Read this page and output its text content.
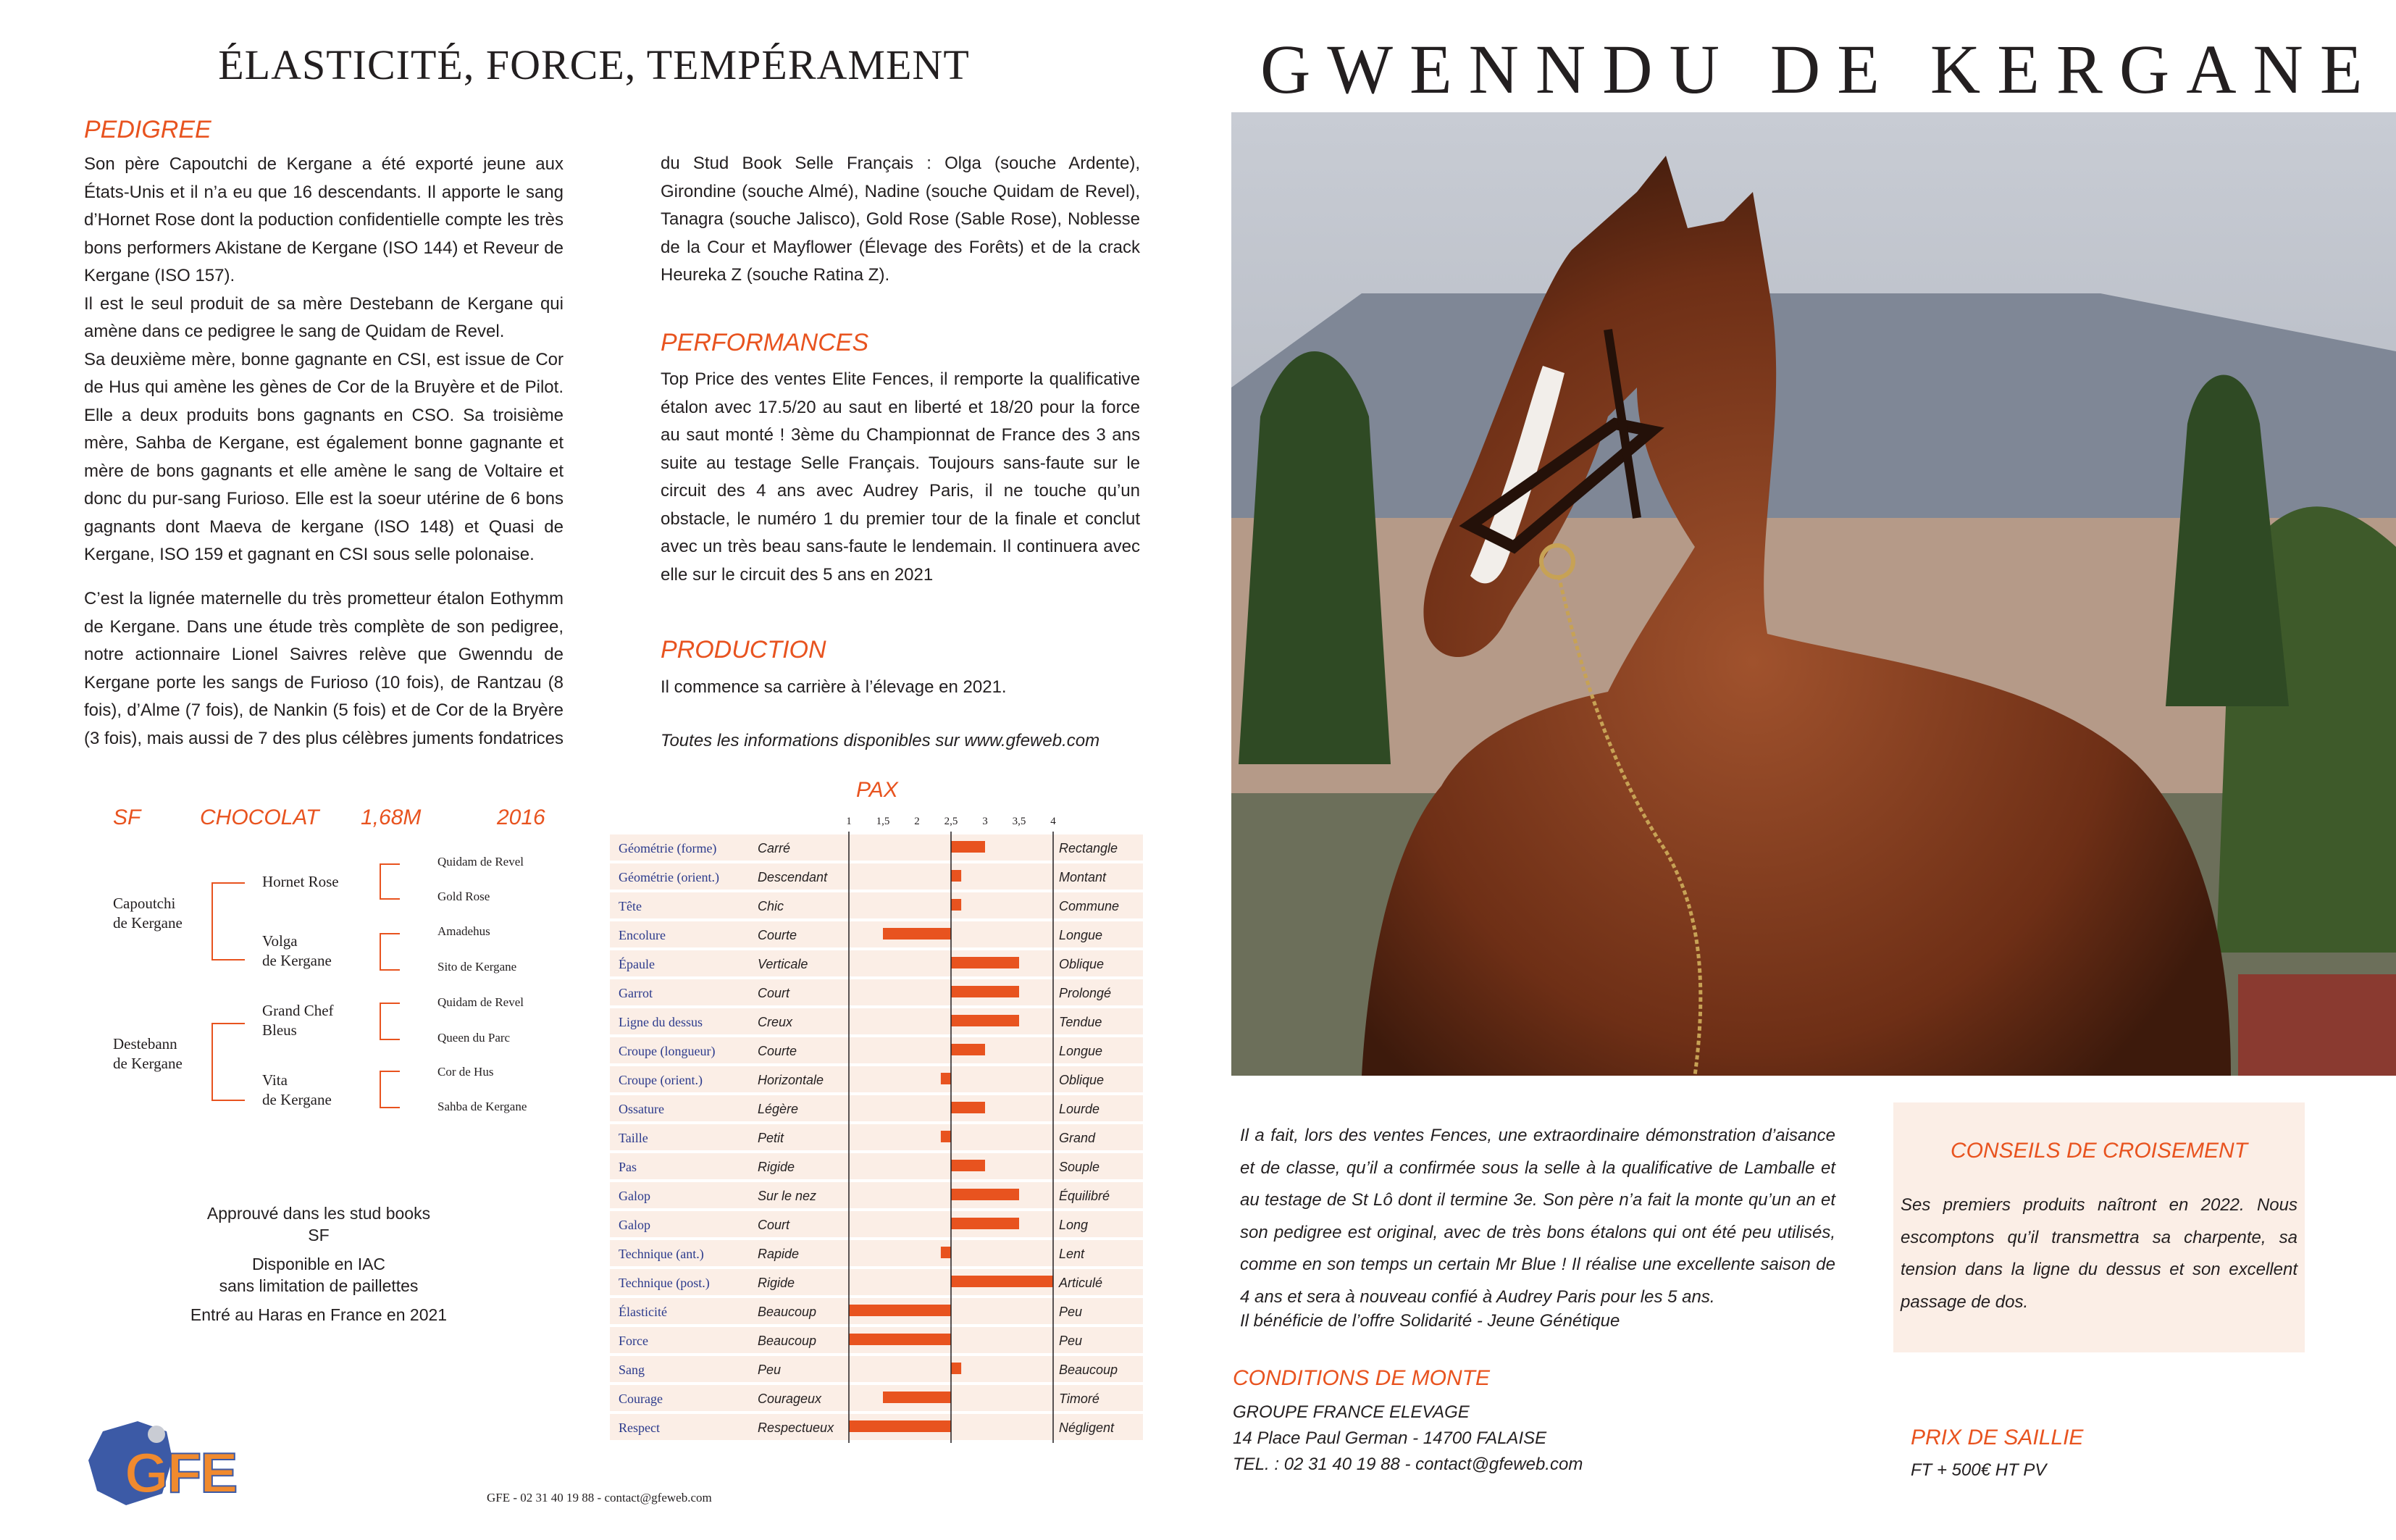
ÉLASTICITÉ, FORCE, TEMPÉRAMENT	GWENNDU DE KERGANE
PEDIGREE

Son père Capoutchi de Kergane a été exporté jeune aux États-Unis et il n’a eu que 16 descendants. Il apporte le sang d’Hornet Rose dont la poduction confidentielle compte les très bons performers Akistane de Kergane (ISO 144) et Reveur de Kergane (ISO 157).

Il est le seul produit de sa mère Destebann de Kergane qui amène dans ce pedigree le sang de Quidam de Revel.

Sa deuxième mère, bonne gagnante en CSI, est issue de Cor de Hus qui amène les gènes de Cor de la Bruyère et de Pilot. Elle a deux produits bons gagnants en CSO. Sa troisième mère, Sahba de Kergane, est également bonne gagnante et mère de bons gagnants et elle amène le sang de Voltaire et donc du pur-sang Furioso. Elle est la soeur utérine de 6 bons gagnants dont Maeva de kergane (ISO 148) et Quasi de Kergane, ISO 159 et gagnant en CSI sous selle polonaise.

C’est la lignée maternelle du très prometteur étalon Eothymm de Kergane. Dans une étude très complète de son pedigree, notre actionnaire Lionel Saivres relève que Gwenndu de Kergane porte les sangs de Furioso (10 fois), de Rantzau (8 fois), d’Alme (7 fois), de Nankin (5 fois) et de Cor de la Bryère (3 fois), mais aussi de 7 des plus célèbres juments fondatrices

du Stud Book Selle Français : Olga (souche Ardente), Girondine (souche Almé), Nadine (souche Quidam de Revel), Tanagra (souche Jalisco), Gold Rose (Sable Rose), Noblesse de la Cour et Mayflower (Élevage des Forêts) et de la crack Heureka Z (souche Ratina Z).

PERFORMANCES
Top Price des ventes Elite Fences, il remporte la qualificative étalon avec 17.5/20 au saut en liberté et 18/20 pour la force au saut monté ! 3ème du Championnat de France des 3 ans suite au testage Selle Français. Toujours sans-faute sur le circuit des 4 ans avec Audrey Paris, il ne touche qu’un obstacle, le numéro 1 du premier tour de la finale et conclut avec un très beau sans-faute le lendemain. Il continuera avec elle sur le circuit des 5 ans en 2021
PRODUCTION
Il commence sa carrière à l’élevage en 2021.
Toutes les informations disponibles sur www.gfeweb.com
SF	CHOCOLAT 1,68M	2016
Capoutchi
de Kergane
Destebann
de Kergane
Hornet Rose
Volga
de Kergane
Grand Chef
Bleus
Vita
de Kergane
Quidam de Revel
Gold Rose
Amadehus
Sito de Kergane
Quidam de Revel
Queen du Parc
Cor de Hus
Sahba de Kergane
Approuvé dans les stud books
SF
Disponible en IAC
sans limitation de paillettes
Entré au Haras en France en 2021
GFE	GFE - 02 31 40 19 88 - contact@gfeweb.com
PAX
1 1,5 2 2,5 3 3,5 4
Géométrie (forme)	Carré	Rectangle
Géométrie (orient.)	Descendant	Montant
Tête	Chic	Commune
Encolure	Courte	Longue
Épaule	Verticale	Oblique
Garrot	Court	Prolongé
Ligne du dessus	Creux	Tendue
Croupe (longueur)	Courte	Longue
Croupe (orient.)	Horizontale	Oblique
Ossature	Légère	Lourde
Taille	Petit	Grand
Pas	Rigide	Souple
Galop	Sur le nez	Équilibré
Galop	Court	Long
Technique (ant.)	Rapide	Lent
Technique (post.)	Rigide	Articulé
Élasticité	Beaucoup	Peu
Force	Beaucoup	Peu
Sang	Peu	Beaucoup
Courage	Courageux	Timoré
Respect	Respectueux	Négligent
Il a fait, lors des ventes Fences, une extraordinaire démonstration d’aisance et de classe, qu’il a confirmée sous la selle à la qualificative de Lamballe et au testage de St Lô dont il termine 3e. Son père n’a fait la monte qu’un an et son pedigree est original, avec de très bons étalons qui ont été peu utilisés, comme en son temps un certain Mr Blue ! Il réalise une excellente saison de 4 ans et sera à nouveau confié à Audrey Paris pour les 5 ans.
Il bénéficie de l’offre Solidarité - Jeune Génétique
CONSEILS DE CROISEMENT
Ses premiers produits naîtront en 2022. Nous escomptons qu’il transmettra sa charpente, sa tension dans la ligne du dessus et son excellent passage de dos.
CONDITIONS DE MONTE
GROUPE FRANCE ELEVAGE
14 Place Paul German - 14700 FALAISE
TEL. : 02 31 40 19 88 - contact@gfeweb.com
PRIX DE SAILLIE
FT + 500€ HT PV
